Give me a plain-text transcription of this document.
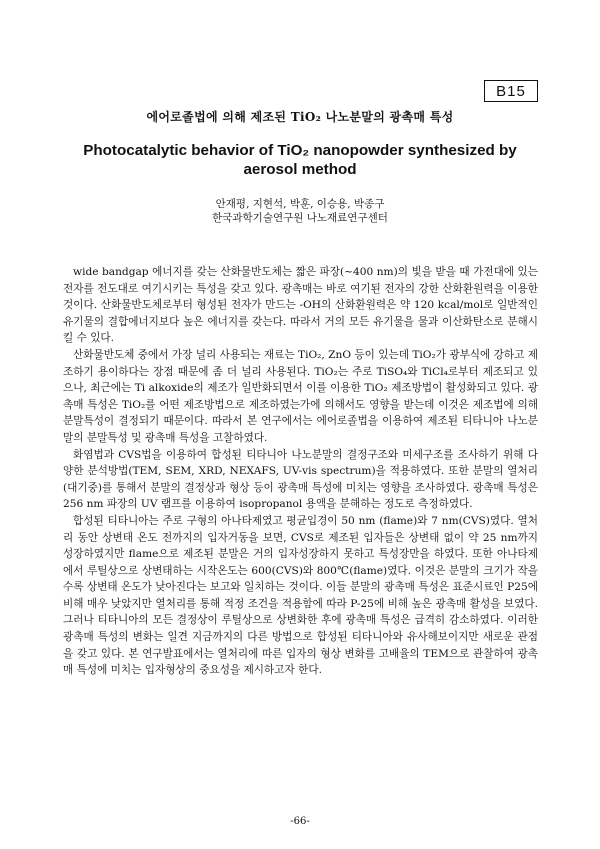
B15
에어로졸법에 의해 제조된 TiO₂ 나노분말의 광촉매 특성
Photocatalytic behavior of TiO₂ nanopowder synthesized by aerosol method
안재평, 지현석, 박훈, 이승용, 박종구
한국과학기술연구원 나노재료연구센터

wide bandgap 에너지를 갖는 산화물반도체는 짧은 파장(~400 nm)의 빛을 받을 때 가전대에 있는 전자를 전도대로 여기시키는 특성을 갖고 있다. 광촉매는 바로 여기된 전자의 강한 산화환원력을 이용한 것이다. 산화물반도체로부터 형성된 전자가 만드는 -OH의 산화환원력은 약 120 kcal/mol로 일반적인 유기물의 결합에너지보다 높은 에너지를 갖는다. 따라서 거의 모든 유기물을 물과 이산화탄소로 분해시킬 수 있다.

산화물반도체 중에서 가장 널리 사용되는 재료는 TiO₂, ZnO 등이 있는데 TiO₂가 광부식에 강하고 제조하기 용이하다는 장점 때문에 좀 더 널리 사용된다. TiO₂는 주로 TiSO₄와 TiCl₄로부터 제조되고 있으나, 최근에는 Ti alkoxide의 제조가 일반화되면서 이를 이용한 TiO₂ 제조방법이 활성화되고 있다. 광촉매 특성은 TiO₂를 어떤 제조방법으로 제조하였는가에 의해서도 영향을 받는데 이것은 제조법에 의해 분말특성이 결정되기 때문이다. 따라서 본 연구에서는 에어로졸법을 이용하여 제조된 티타니아 나노분말의 분말특성 및 광촉매 특성을 고찰하였다.

화염법과 CVS법을 이용하여 합성된 티타니아 나노분말의 결정구조와 미세구조를 조사하기 위해 다양한 분석방법(TEM, SEM, XRD, NEXAFS, UV-vis spectrum)을 적용하였다. 또한 분말의 열처리(대기중)를 통해서 분말의 결정상과 형상 등이 광촉매 특성에 미치는 영향을 조사하였다. 광촉매 특성은 256 nm 파장의 UV 램프를 이용하여 isopropanol 용액을 분해하는 정도로 측정하였다.

합성된 티타니아는 주로 구형의 아나타제였고 평균입경이 50 nm (flame)와 7 nm(CVS)였다. 열처리 동안 상변태 온도 전까지의 입자거동을 보면, CVS로 제조된 입자들은 상변태 없이 약 25 nm까지 성장하였지만 flame으로 제조된 분말은 거의 입자성장하지 못하고 특성장만을 하였다. 또한 아나타제에서 루틸상으로 상변태하는 시작온도는 600(CVS)와 800℃(flame)였다. 이것은 분말의 크기가 작을수록 상변태 온도가 낮아진다는 보고와 일치하는 것이다. 이들 분말의 광촉매 특성은 표준시료인 P25에 비해 매우 낮았지만 열처리를 통해 적정 조건을 적용함에 따라 P-25에 비해 높은 광촉매 활성을 보였다. 그러나 티타니아의 모든 결정상이 루틸상으로 상변화한 후에 광촉매 특성은 급격히 감소하였다. 이러한 광촉매 특성의 변화는 일견 지금까지의 다른 방법으로 합성된 티타니아와 유사해보이지만 새로운 관점을 갖고 있다. 본 연구발표에서는 열처리에 따른 입자의 형상 변화를 고배율의 TEM으로 관찰하여 광촉매 특성에 미치는 입자형상의 중요성을 제시하고자 한다.

-66-
